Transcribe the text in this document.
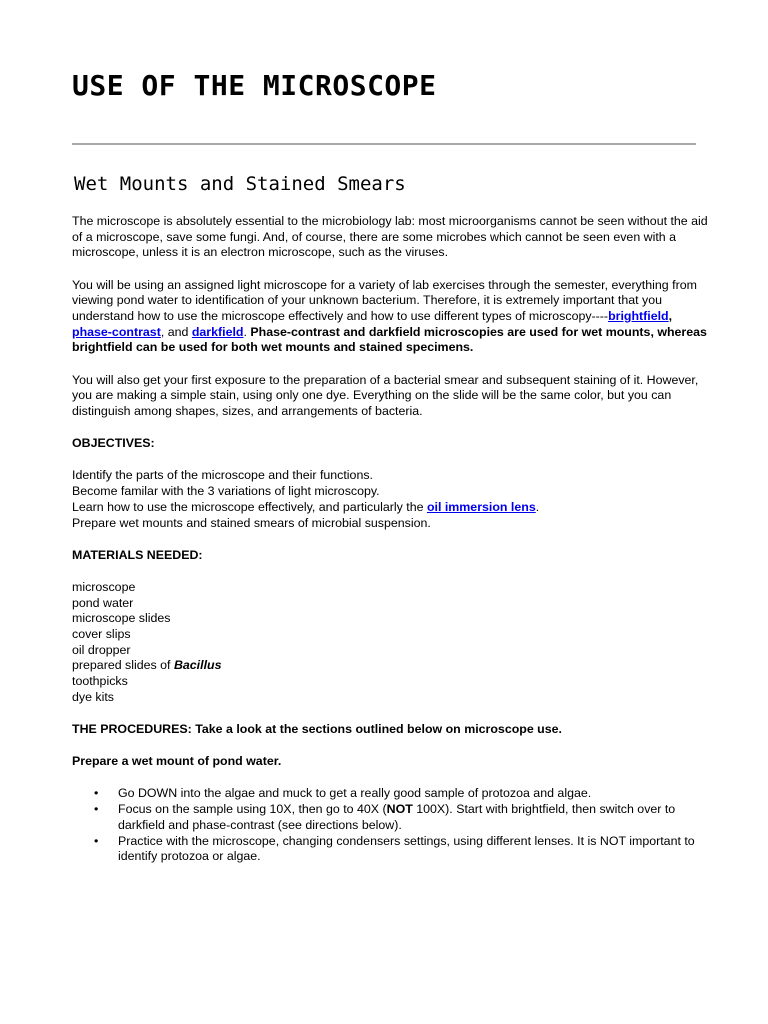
USE OF THE MICROSCOPE
Wet Mounts and Stained Smears

The microscope is absolutely essential to the microbiology lab: most microorganisms cannot be seen without the aid of a microscope, save some fungi. And, of course, there are some microbes which cannot be seen even with a microscope, unless it is an electron microscope, such as the viruses.

You will be using an assigned light microscope for a variety of lab exercises through the semester, everything from viewing pond water to identification of your unknown bacterium. Therefore, it is extremely important that you understand how to use the microscope effectively and how to use different types of microscopy----brightfield, phase-contrast, and darkfield. Phase-contrast and darkfield microscopies are used for wet mounts, whereas brightfield can be used for both wet mounts and stained specimens.

You will also get your first exposure to the preparation of a bacterial smear and subsequent staining of it. However, you are making a simple stain, using only one dye. Everything on the slide will be the same color, but you can distinguish among shapes, sizes, and arrangements of bacteria.

OBJECTIVES:

Identify the parts of the microscope and their functions.
Become familar with the 3 variations of light microscopy.
Learn how to use the microscope effectively, and particularly the oil immersion lens.
Prepare wet mounts and stained smears of microbial suspension.

MATERIALS NEEDED:

microscope
pond water
microscope slides
cover slips
oil dropper
prepared slides of Bacillus
toothpicks
dye kits

THE PROCEDURES: Take a look at the sections outlined below on microscope use.

Prepare a wet mount of pond water.

• Go DOWN into the algae and muck to get a really good sample of protozoa and algae.
• Focus on the sample using 10X, then go to 40X (NOT 100X). Start with brightfield, then switch over to darkfield and phase-contrast (see directions below).
• Practice with the microscope, changing condensers settings, using different lenses. It is NOT important to identify protozoa or algae.
